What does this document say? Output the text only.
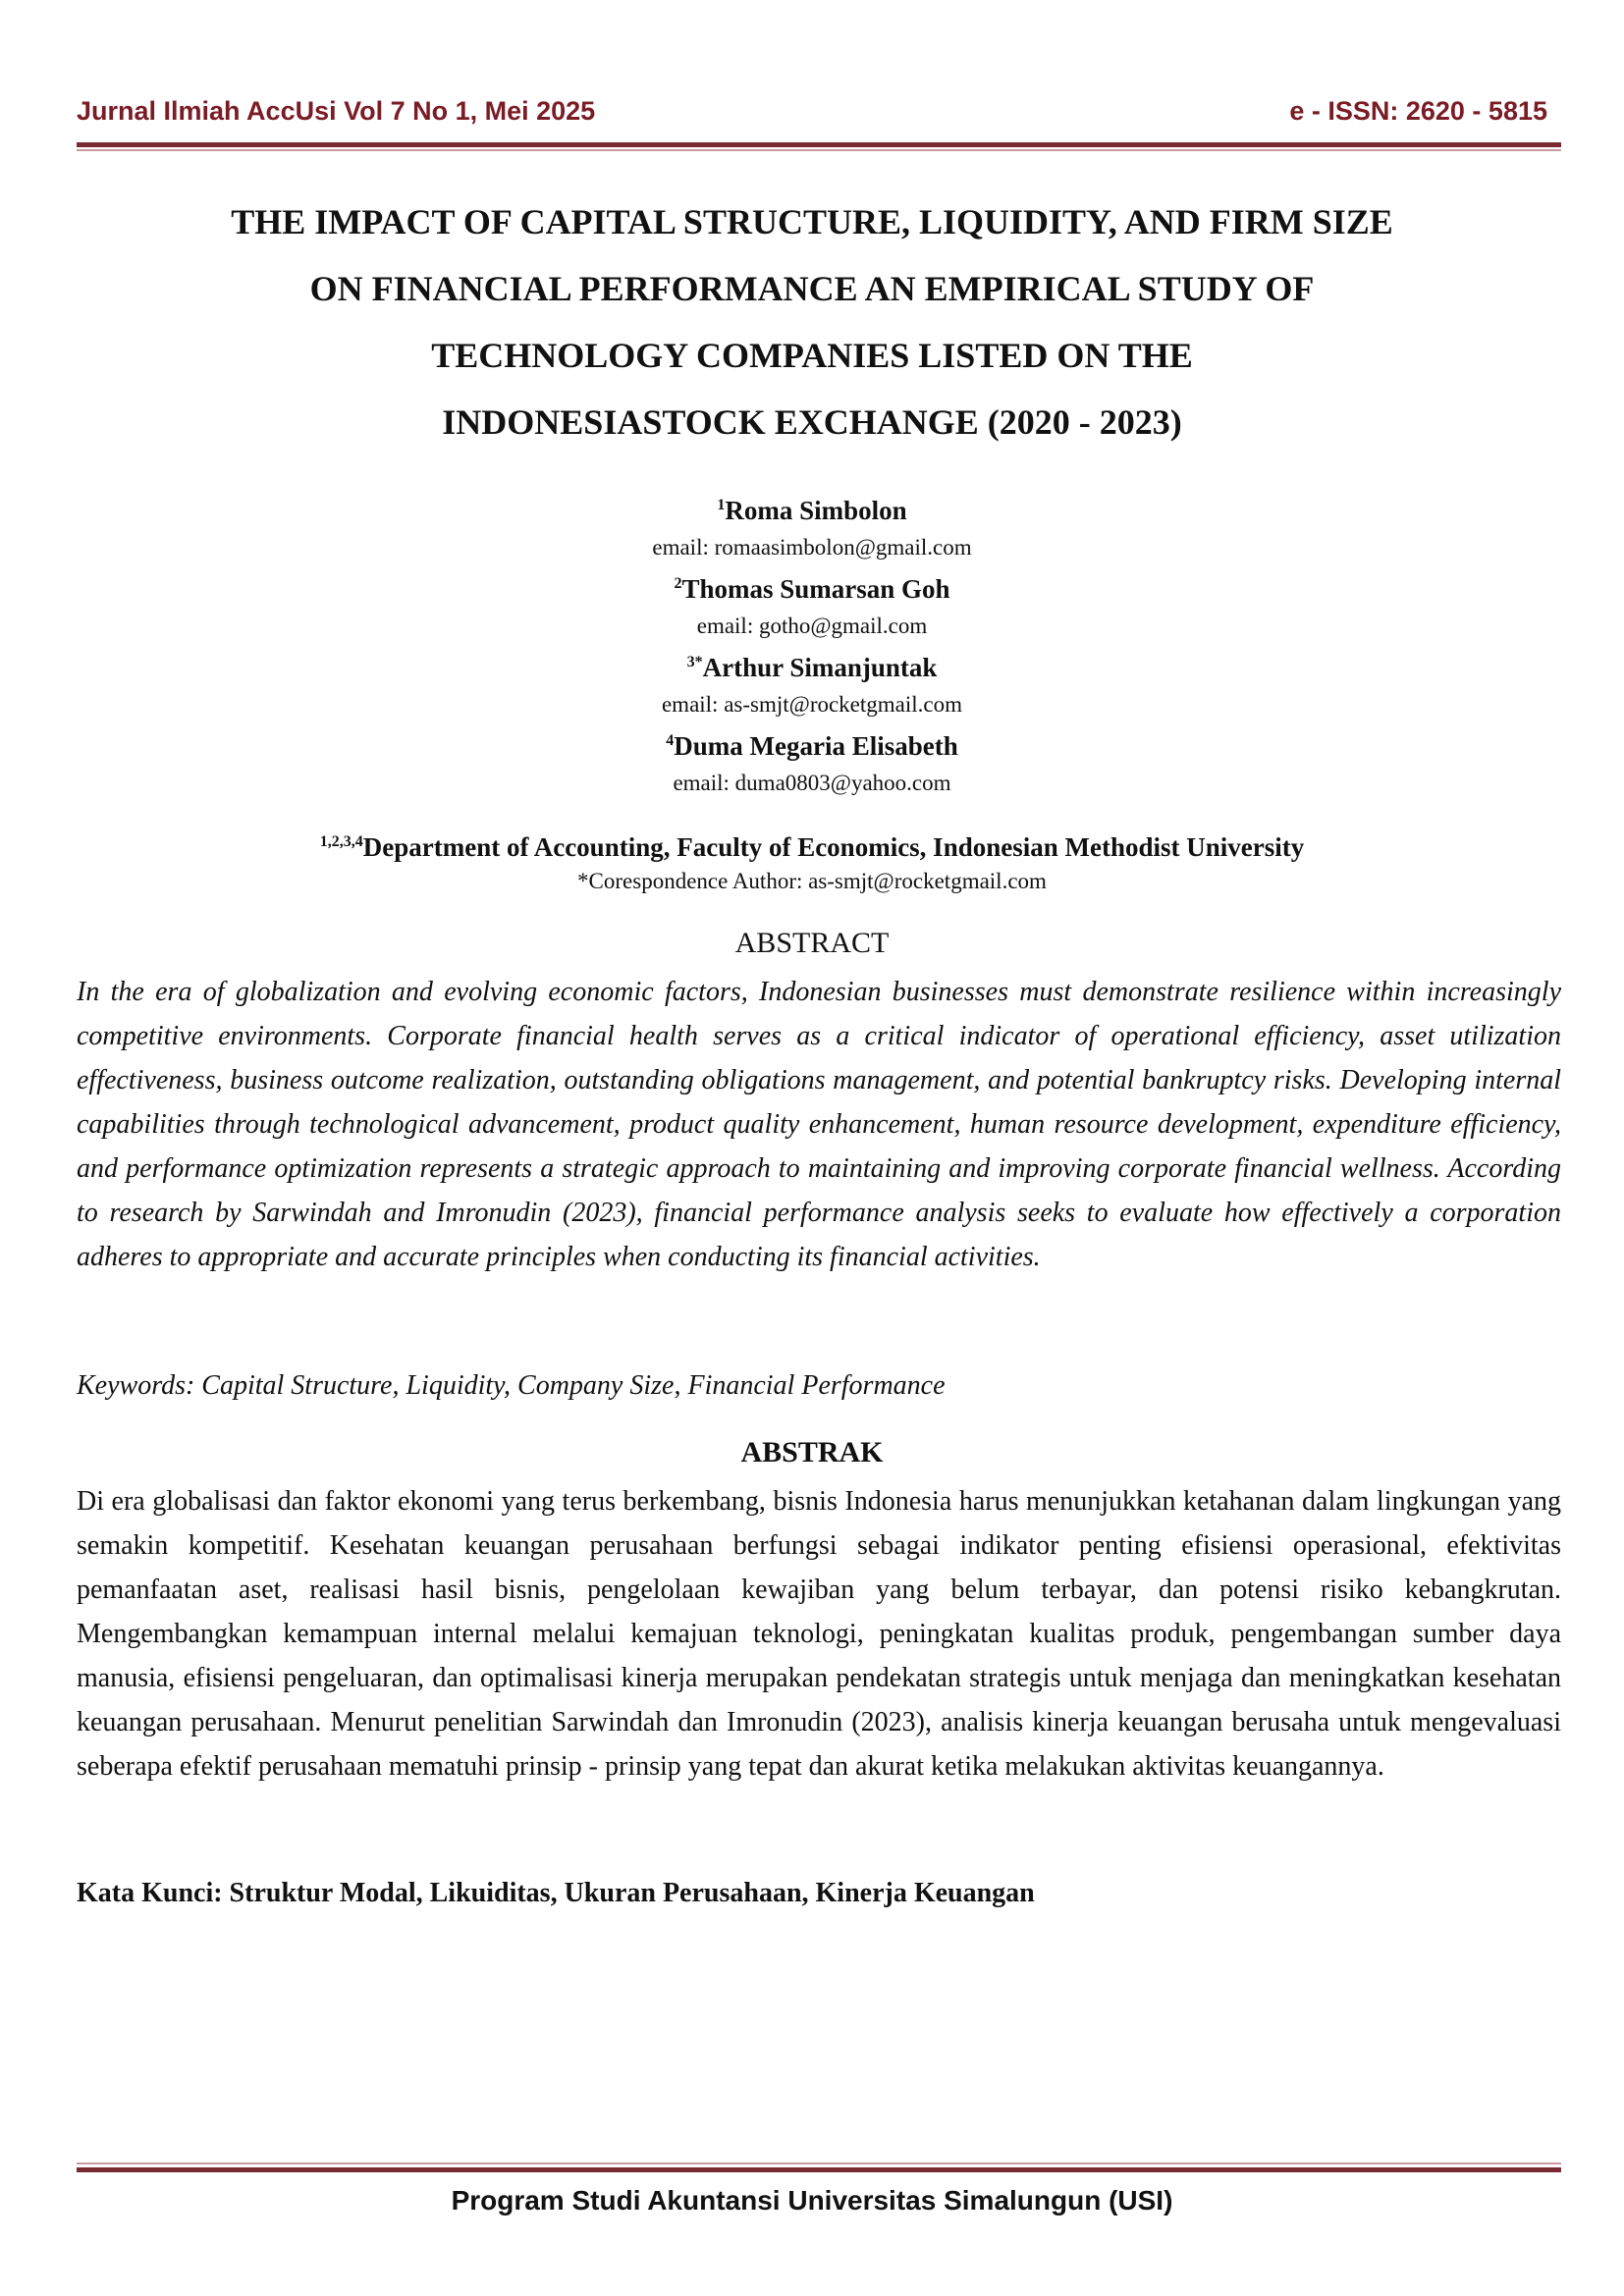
Jurnal Ilmiah AccUsi Vol 7 No 1, Mei 2025	e - ISSN: 2620 - 5815
THE IMPACT OF CAPITAL STRUCTURE, LIQUIDITY, AND FIRM SIZE
ON FINANCIAL PERFORMANCE AN EMPIRICAL STUDY OF
TECHNOLOGY COMPANIES LISTED ON THE
INDONESIASTOCK EXCHANGE (2020 - 2023)
$^1$Roma Simbolon
email: romaasimbolon@gmail.com
$^2$Thomas Sumarsan Goh
email: gotho@gmail.com
$^{3*}$Arthur Simanjuntak
email: as-smjt@rocketgmail.com
$^4$Duma Megaria Elisabeth
email: duma0803@yahoo.com
$^{1,2,3,4}$Department of Accounting, Faculty of Economics, Indonesian Methodist University
*Corespondence Author: as-smjt@rocketgmail.com
ABSTRACT
In the era of globalization and evolving economic factors, Indonesian businesses must demonstrate resilience within increasingly competitive environments. Corporate financial health serves as a critical indicator of operational efficiency, asset utilization effectiveness, business outcome realization, outstanding obligations management, and potential bankruptcy risks. Developing internal capabilities through technological advancement, product quality enhancement, human resource development, expenditure efficiency, and performance optimization represents a strategic approach to maintaining and improving corporate financial wellness. According to research by Sarwindah and Imronudin (2023), financial performance analysis seeks to evaluate how effectively a corporation adheres to appropriate and accurate principles when conducting its financial activities.
Keywords: Capital Structure, Liquidity, Company Size, Financial Performance
ABSTRAK
Di era globalisasi dan faktor ekonomi yang terus berkembang, bisnis Indonesia harus menunjukkan ketahanan dalam lingkungan yang semakin kompetitif. Kesehatan keuangan perusahaan berfungsi sebagai indikator penting efisiensi operasional, efektivitas pemanfaatan aset, realisasi hasil bisnis, pengelolaan kewajiban yang belum terbayar, dan potensi risiko kebangkrutan. Mengembangkan kemampuan internal melalui kemajuan teknologi, peningkatan kualitas produk, pengembangan sumber daya manusia, efisiensi pengeluaran, dan optimalisasi kinerja merupakan pendekatan strategis untuk menjaga dan meningkatkan kesehatan keuangan perusahaan. Menurut penelitian Sarwindah dan Imronudin (2023), analisis kinerja keuangan berusaha untuk mengevaluasi seberapa efektif perusahaan mematuhi prinsip - prinsip yang tepat dan akurat ketika melakukan aktivitas keuangannya.
Kata Kunci: Struktur Modal, Likuiditas, Ukuran Perusahaan, Kinerja Keuangan
Program Studi Akuntansi Universitas Simalungun (USI)
